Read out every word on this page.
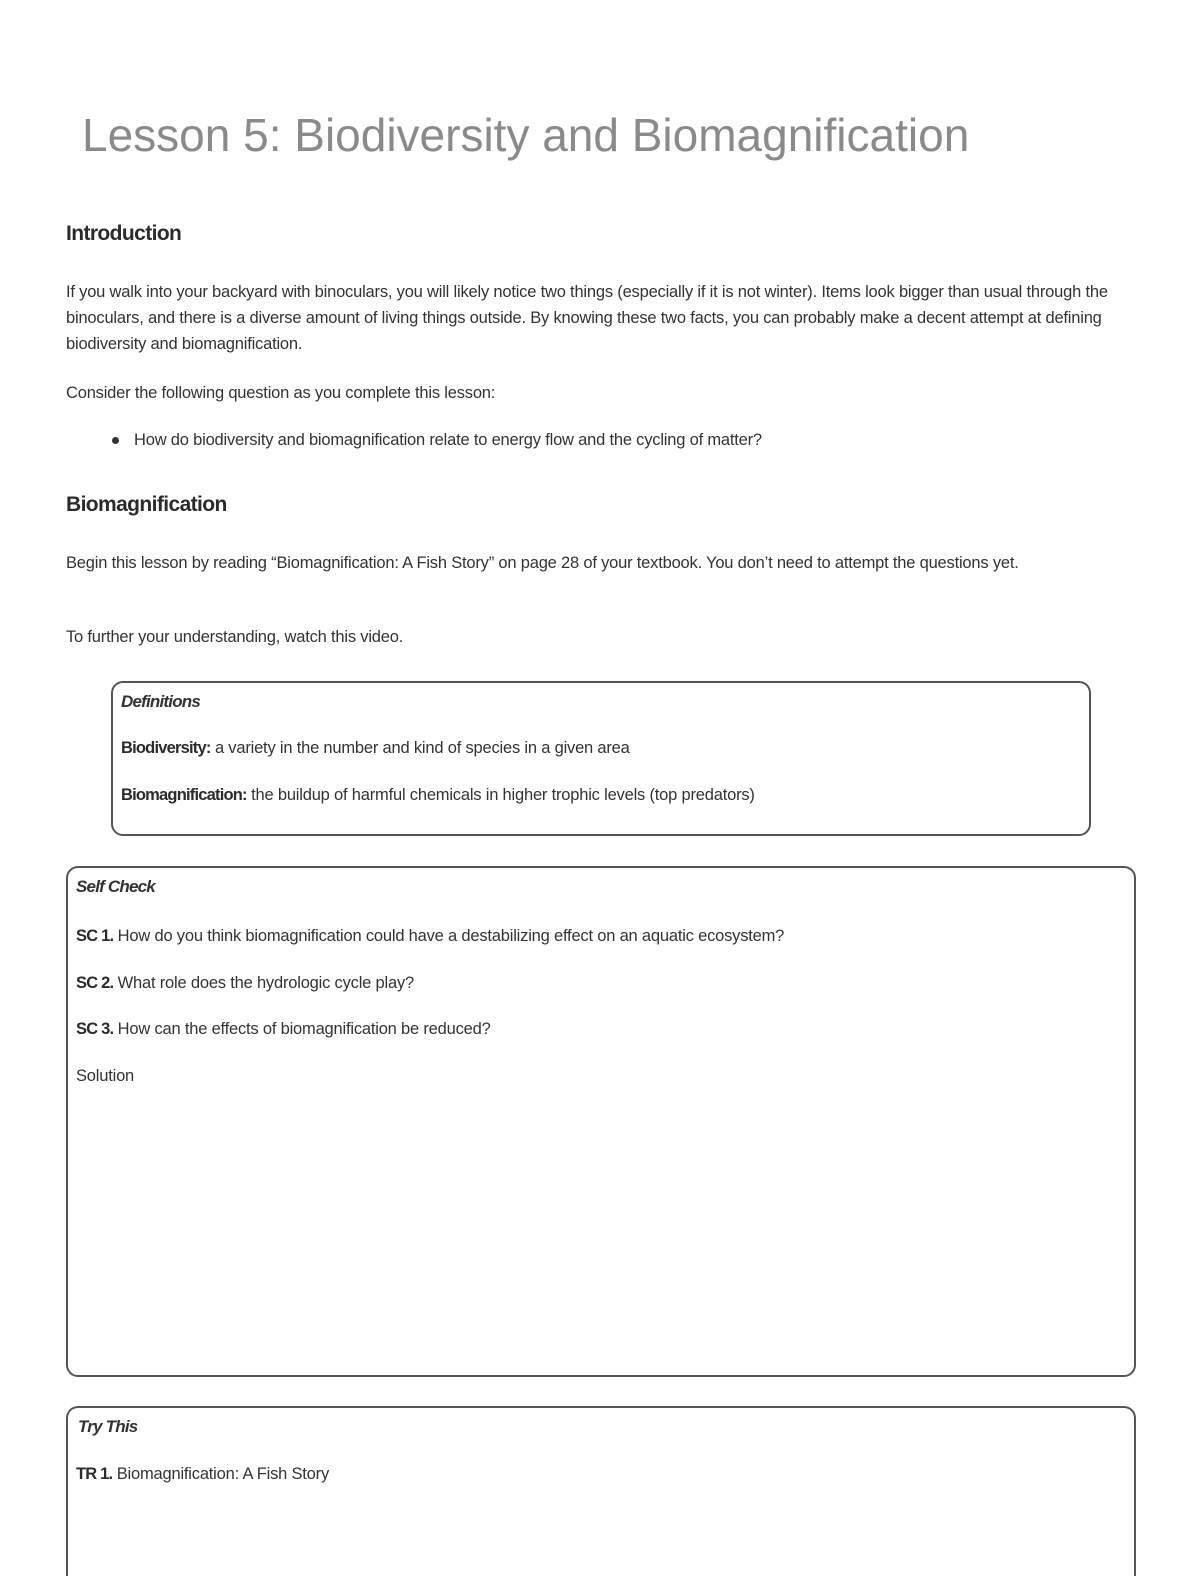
Lesson 5: Biodiversity and Biomagnification
Introduction

If you walk into your backyard with binoculars, you will likely notice two things (especially if it is not winter). Items look bigger than usual through the binoculars, and there is a diverse amount of living things outside. By knowing these two facts, you can probably make a decent attempt at defining biodiversity and biomagnification.

Consider the following question as you complete this lesson:

How do biodiversity and biomagnification relate to energy flow and the cycling of matter?
Biomagnification

Begin this lesson by reading “Biomagnification: A Fish Story” on page 28 of your textbook. You don’t need to attempt the questions yet.

To further your understanding, watch this video.

Definitions

Biodiversity: a variety in the number and kind of species in a given area

Biomagnification: the buildup of harmful chemicals in higher trophic levels (top predators)

Self Check

SC 1. How do you think biomagnification could have a destabilizing effect on an aquatic ecosystem?

SC 2. What role does the hydrologic cycle play?

SC 3. How can the effects of biomagnification be reduced?

Solution

Try This

TR 1. Biomagnification: A Fish Story
